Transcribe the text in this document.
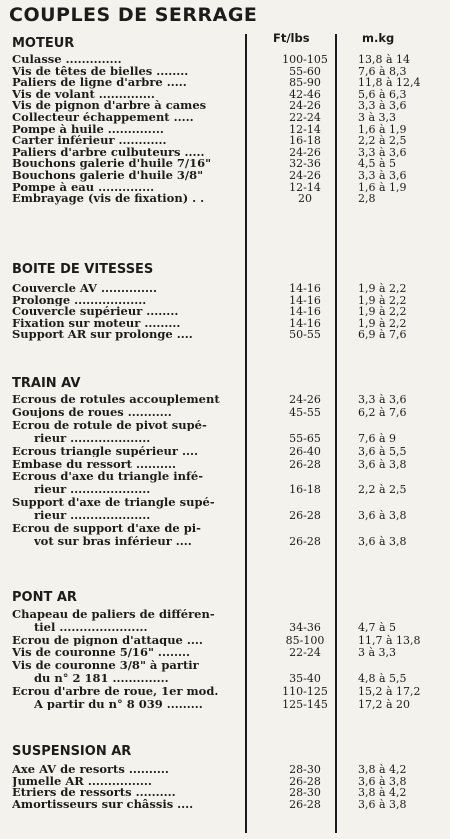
COUPLES DE SERRAGE
Ft/lbs	m.kg
MOTEUR
Culasse ..............	100-105	13,8 à 14
Vis de têtes de bielles ........	55-60	7,6 à 8,3
Paliers de ligne d'arbre .....	85-90	11,8 à 12,4
Vis de volant ..............	42-46	5,6 à 6,3
Vis de pignon d'arbre à cames	24-26	3,3 à 3,6
Collecteur échappement .....	22-24	3 à 3,3
Pompe à huile ..............	12-14	1,6 à 1,9
Carter inférieur ............	16-18	2,2 à 2,5
Paliers d'arbre culbuteurs .....	24-26	3,3 à 3,6
Bouchons galerie d'huile 7/16"	32-36	4,5 à 5
Bouchons galerie d'huile 3/8"	24-26	3,3 à 3,6
Pompe à eau ..............	12-14	1,6 à 1,9
Embrayage (vis de fixation) . .	20	2,8
BOITE DE VITESSES
Couvercle AV ..............	14-16	1,9 à 2,2
Prolonge ..................	14-16	1,9 à 2,2
Couvercle supérieur ........	14-16	1,9 à 2,2
Fixation sur moteur .........	14-16	1,9 à 2,2
Support AR sur prolonge ....	50-55	6,9 à 7,6
TRAIN AV
Ecrous de rotules accouplement	24-26	3,3 à 3,6
Goujons de roues ...........	45-55	6,2 à 7,6
Ecrou de rotule de pivot supé-
rieur ....................	55-65	7,6 à 9
Ecrous triangle supérieur ....	26-40	3,6 à 5,5
Embase du ressort ..........	26-28	3,6 à 3,8
Ecrous d'axe du triangle infé-
rieur ....................	16-18	2,2 à 2,5
Support d'axe de triangle supé-
rieur ....................	26-28	3,6 à 3,8
Ecrou de support d'axe de pi-
vot sur bras inférieur ....	26-28	3,6 à 3,8
PONT AR
Chapeau de paliers de différen-
tiel ......................	34-36	4,7 à 5
Ecrou de pignon d'attaque ....	85-100	11,7 à 13,8
Vis de couronne 5/16" ........	22-24	3 à 3,3
Vis de couronne 3/8" à partir
du n° 2 181 ..............	35-40	4,8 à 5,5
Ecrou d'arbre de roue, 1er mod.	110-125	15,2 à 17,2
A partir du n° 8 039 .........	125-145	17,2 à 20
SUSPENSION AR
Axe AV de resorts ..........	28-30	3,8 à 4,2
Jumelle AR ................	26-28	3,6 à 3,8
Etriers de ressorts ..........	28-30	3,8 à 4,2
Amortisseurs sur châssis ....	26-28	3,6 à 3,8
